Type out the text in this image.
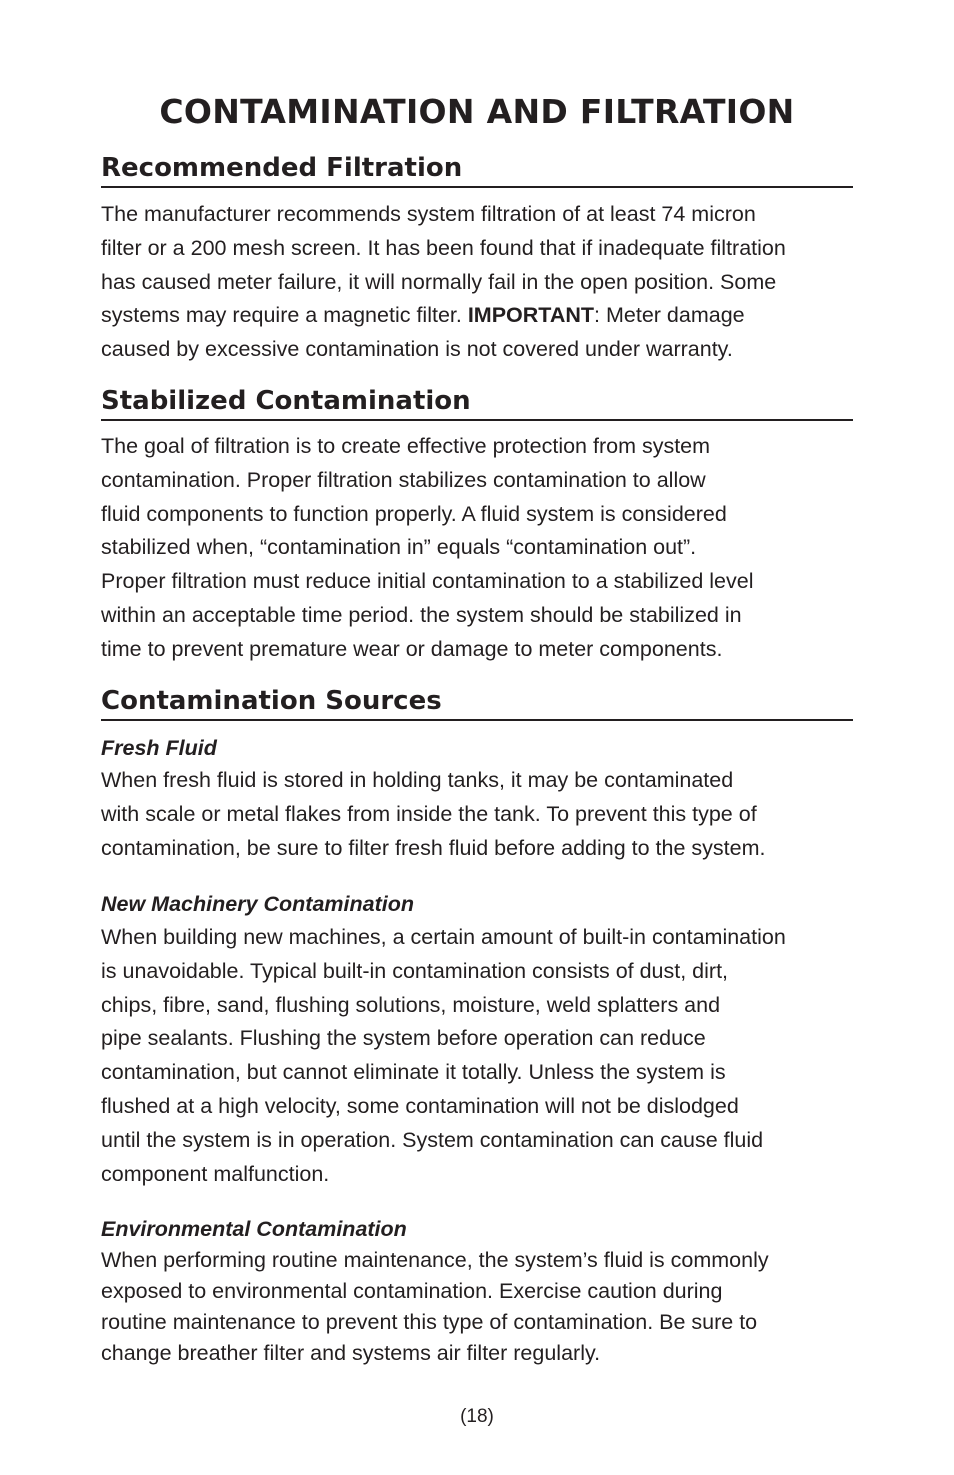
CONTAMINATION AND FILTRATION
Recommended Filtration
The manufacturer recommends system filtration of at least 74 micron
filter or a 200 mesh screen. It has been found that if inadequate filtration
has caused meter failure, it will normally fail in the open position. Some
systems may require a magnetic filter. IMPORTANT: Meter damage
caused by excessive contamination is not covered under warranty.
Stabilized Contamination
The goal of filtration is to create effective protection from system
contamination. Proper filtration stabilizes contamination to allow
fluid components to function properly. A fluid system is considered
stabilized when, “contamination in” equals “contamination out”.
Proper filtration must reduce initial contamination to a stabilized level
within an acceptable time period. the system should be stabilized in
time to prevent premature wear or damage to meter components.
Contamination Sources
Fresh Fluid
When fresh fluid is stored in holding tanks, it may be contaminated
with scale or metal flakes from inside the tank. To prevent this type of
contamination, be sure to filter fresh fluid before adding to the system.
New Machinery Contamination
When building new machines, a certain amount of built-in contamination
is unavoidable. Typical built-in contamination consists of dust, dirt,
chips, fibre, sand, flushing solutions, moisture, weld splatters and
pipe sealants. Flushing the system before operation can reduce
contamination, but cannot eliminate it totally. Unless the system is
flushed at a high velocity, some contamination will not be dislodged
until the system is in operation. System contamination can cause fluid
component malfunction.
Environmental Contamination
When performing routine maintenance, the system’s fluid is commonly
exposed to environmental contamination. Exercise caution during
routine maintenance to prevent this type of contamination. Be sure to
change breather filter and systems air filter regularly.
(18)
